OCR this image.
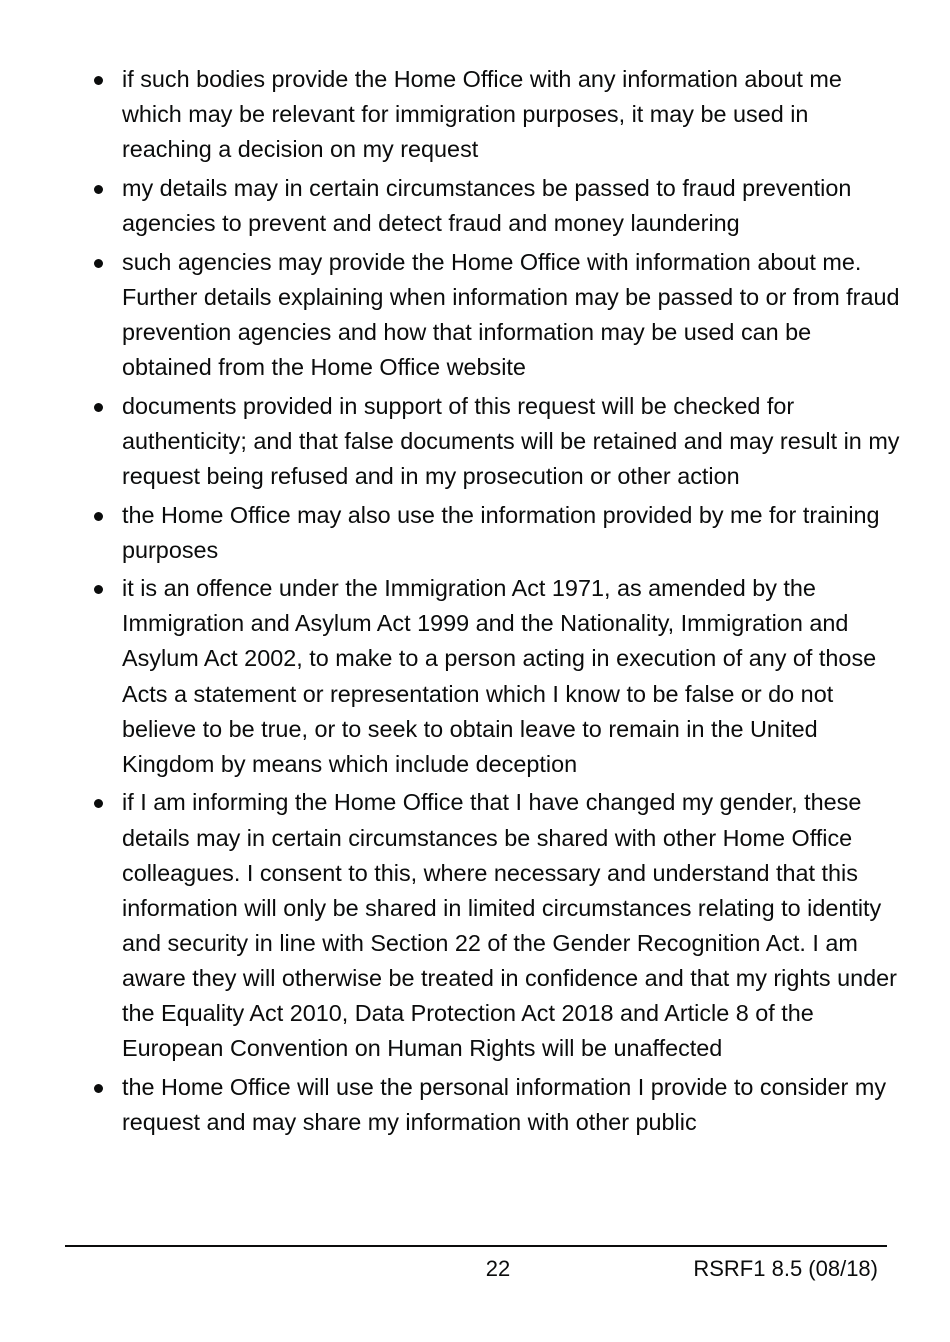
if such bodies provide the Home Office with any information about me which may be relevant for immigration purposes, it may be used in reaching a decision on my request
my details may in certain circumstances be passed to fraud prevention agencies to prevent and detect fraud and money laundering
such agencies may provide the Home Office with information about me. Further details explaining when information may be passed to or from fraud prevention agencies and how that information may be used can be obtained from the Home Office website
documents provided in support of this request will be checked for authenticity; and that false documents will be retained and may result in my request being refused and in my prosecution or other action
the Home Office may also use the information provided by me for training purposes
it is an offence under the Immigration Act 1971, as amended by the Immigration and Asylum Act 1999 and the Nationality, Immigration and Asylum Act 2002, to make to a person acting in execution of any of those Acts a statement or representation which I know to be false or do not believe to be true, or to seek to obtain leave to remain in the United Kingdom by means which include deception
if I am informing the Home Office that I have changed my gender, these details may in certain circumstances be shared with other Home Office colleagues. I consent to this, where necessary and understand that this information will only be shared in limited circumstances relating to identity and security in line with Section 22 of the Gender Recognition Act. I am aware they will otherwise be treated in confidence and that my rights under the Equality Act 2010, Data Protection Act 2018 and Article 8 of the European Convention on Human Rights will be unaffected
the Home Office will use the personal information I provide to consider my request and may share my information with other public
22	RSRF1 8.5 (08/18)
